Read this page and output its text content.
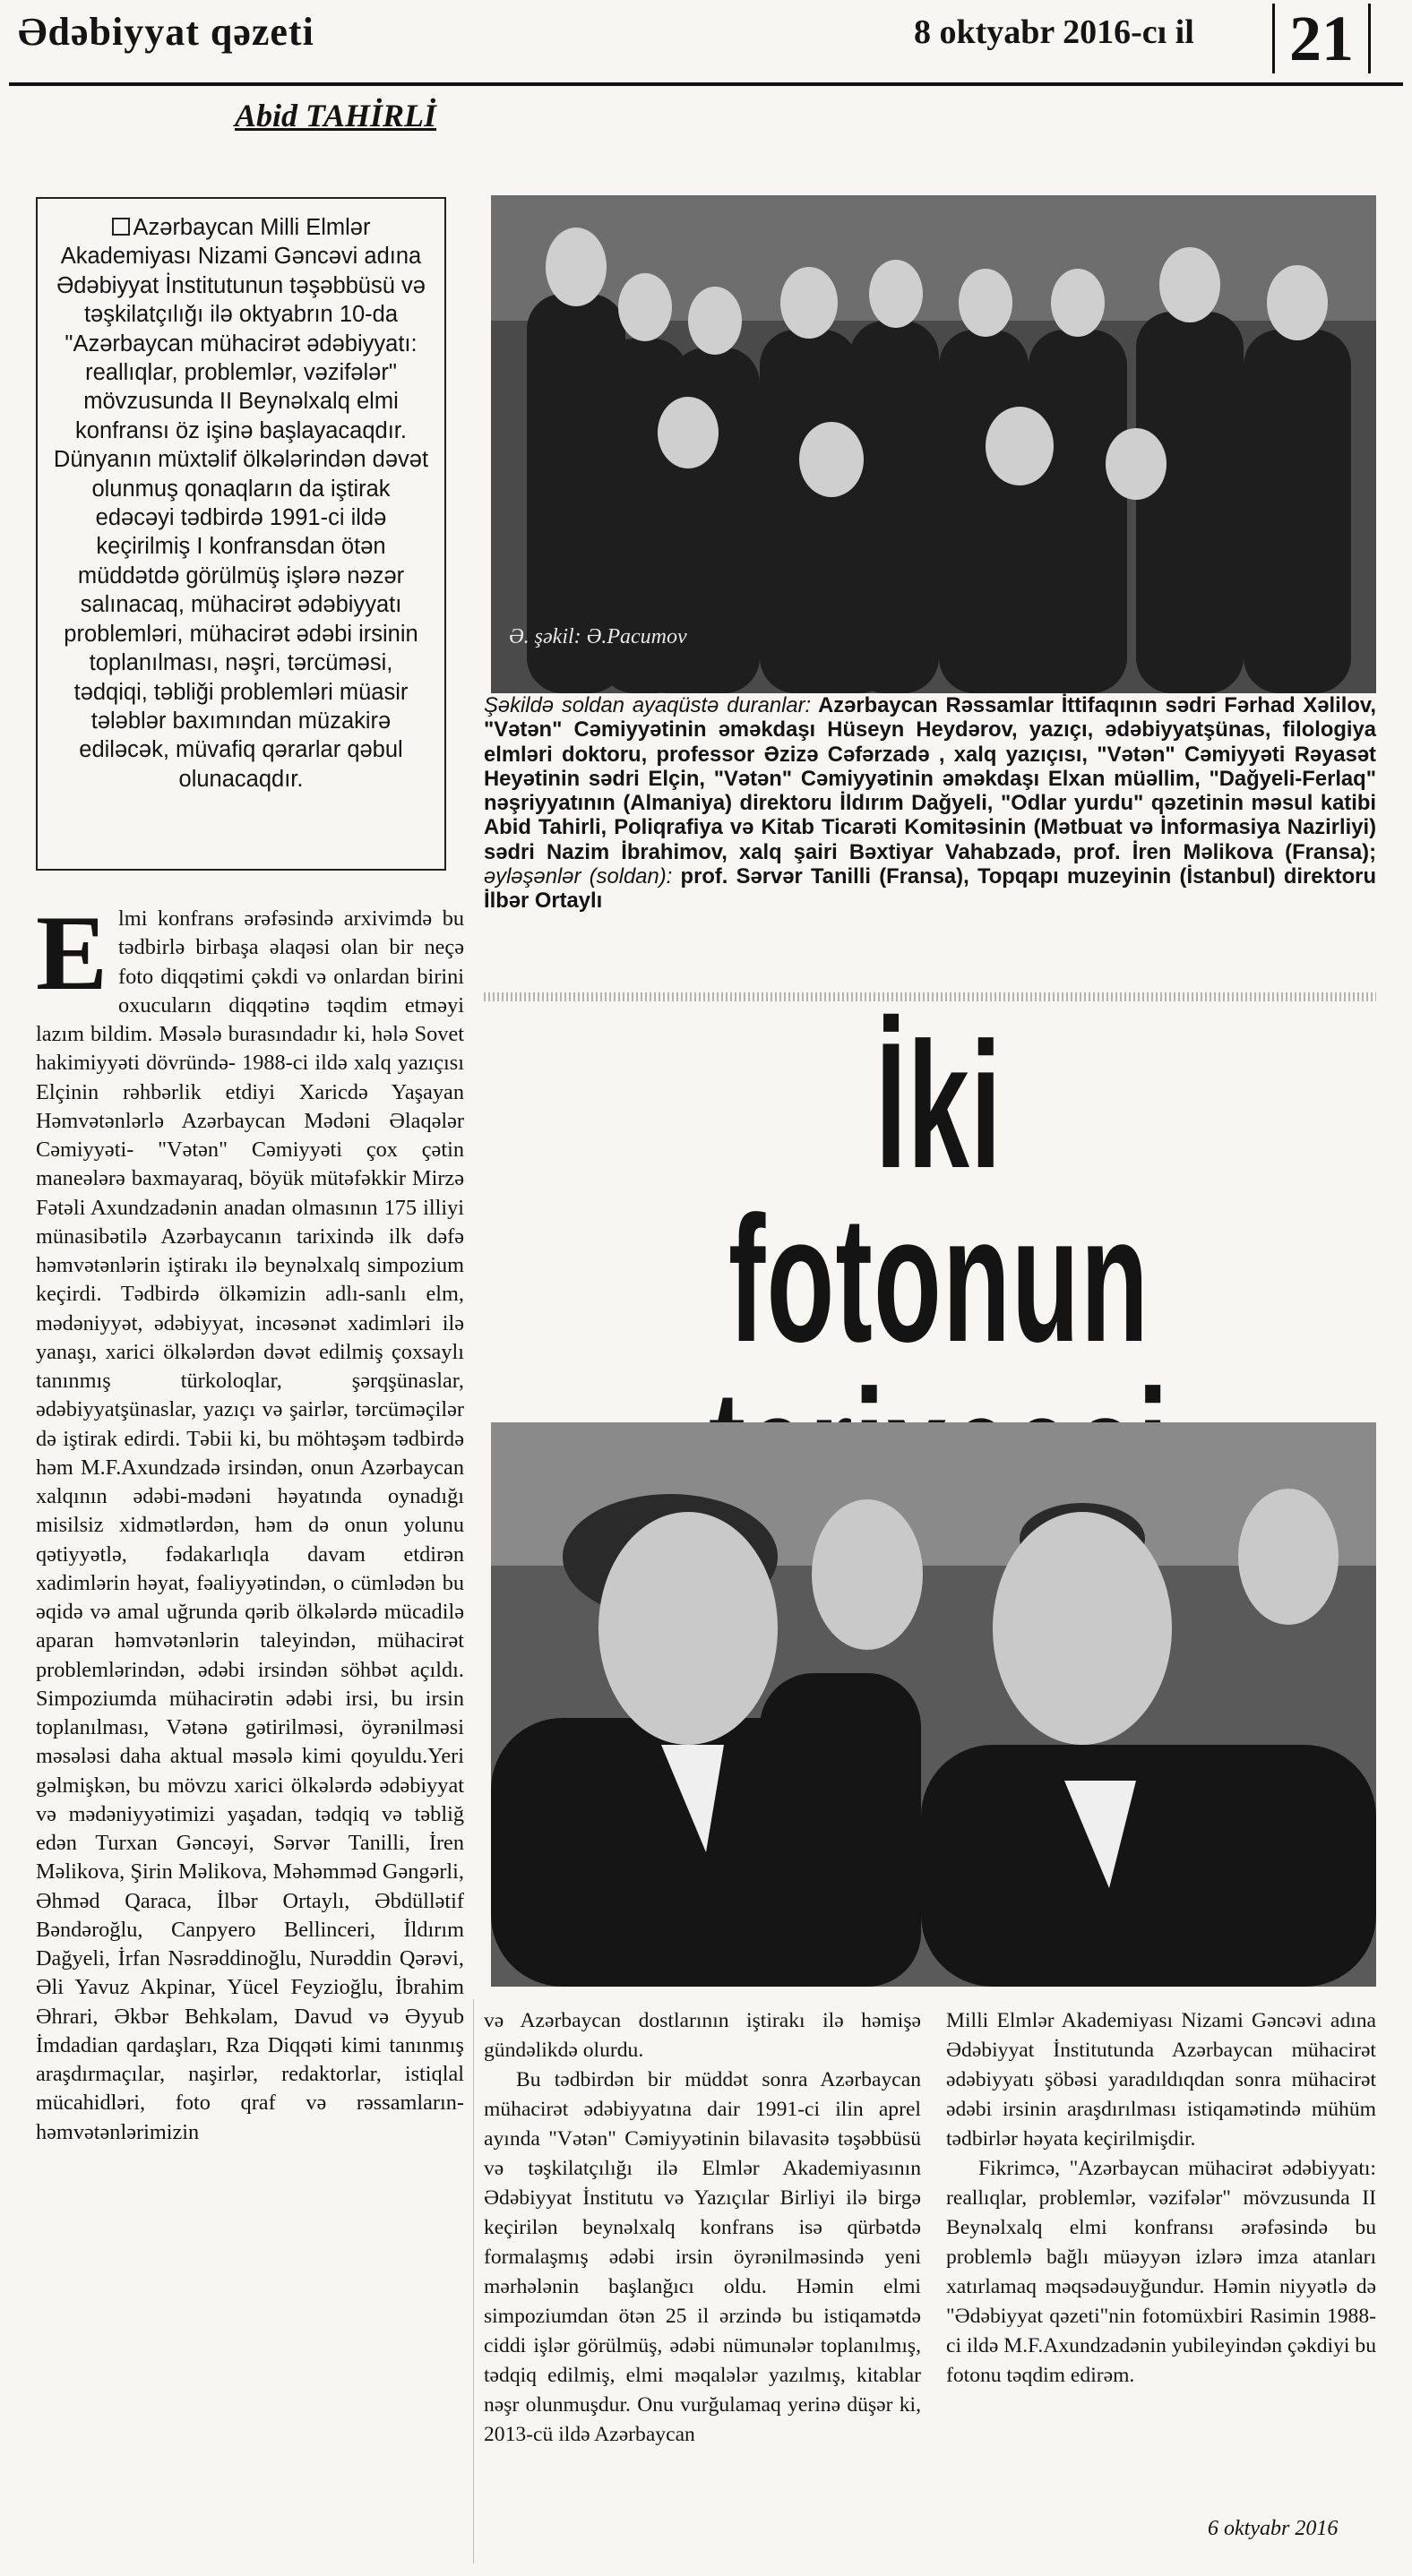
Ədəbiyyat qəzeti	8 oktyabr 2016-cı il 21
Abid TAHİRLİ
Azərbaycan Milli Elmlər Akademiyası Nizami Gəncəvi adına Ədəbiyyat İnstitutunun təşəbbüsü və təşkilatçılığı ilə oktyabrın 10-da "Azərbaycan mühacirət ədəbiyyatı: reallıqlar, problemlər, vəzifələr" mövzusunda II Beynəlxalq elmi konfransı öz işinə başlayacaqdır. Dünyanın müxtəlif ölkələrindən dəvət olunmuş qonaqların da iştirak edəcəyi tədbirdə 1991-ci ildə keçirilmiş I konfransdan ötən müddətdə görülmüş işlərə nəzər salınacaq, mühacirət ədəbiyyatı problemləri, mühacirət ədəbi irsinin toplanılması, nəşri, tərcüməsi, tədqiqi, təbliği problemləri müasir tələblər baxımından müzakirə ediləcək, müvafiq qərarlar qəbul olunacaqdır.
Ə. şəkil: Ə.Pacumov
Şəkildə soldan ayaqüstə duranlar: Azərbaycan Rəssamlar İttifaqının sədri Fərhad Xəlilov, "Vətən" Cəmiyyətinin əməkdaşı Hüseyn Heydərov, yazıçı, ədəbiyyatşünas, filologiya elmləri doktoru, professor Əzizə Cəfərzadə , xalq yazıçısı, "Vətən" Cəmiyyəti Rəyasət Heyətinin sədri Elçin, "Vətən" Cəmiyyətinin əməkdaşı Elxan müəllim, "Dağyeli-Ferlaq" nəşriyyatının (Almaniya) direktoru İldırım Dağyeli, "Odlar yurdu" qəzetinin məsul katibi Abid Tahirli, Poliqrafiya və Kitab Ticarəti Komitəsinin (Mətbuat və İnformasiya Nazirliyi) sədri Nazim İbrahimov, xalq şairi Bəxtiyar Vahabzadə, prof. İren Məlikova (Fransa); əyləşənlər (soldan): prof. Sərvər Tanilli (Fransa), Topqapı muzeyinin (İstanbul) direktoru İlbər Ortaylı
İki fotonun
Elmi konfrans ərəfəsində arxivimdə bu tədbirlə birbaşa əlaqəsi olan bir neçə foto diqqətimi çəkdi və onlardan birini oxucuların diqqətinə təqdim etməyi lazım bildim. Məsələ burasındadır ki, hələ Sovet hakimiyyəti dövründə- 1988-ci ildə xalq yazıçısı Elçinin rəhbərlik etdiyi Xaricdə Yaşayan Həmvətənlərlə Azərbaycan Mədəni Əlaqələr Cəmiyyəti- "Vətən" Cəmiyyəti çox çətin maneələrə baxmayaraq, böyük mütəfəkkir Mirzə Fətəli Axundzadənin anadan olmasının 175 illiyi münasibətilə Azərbaycanın tarixində ilk dəfə həmvətənlərin iştirakı ilə beynəlxalq simpozium keçirdi. Tədbirdə ölkəmizin adlı-sanlı elm, mədəniyyət, ədəbiyyat, incəsənət xadimləri ilə yanaşı, xarici ölkələrdən dəvət edilmiş çoxsaylı tanınmış türkoloqlar, şərqşünaslar, ədəbiyyatşünaslar, yazıçı və şairlər, tərcüməçilər də iştirak edirdi. Təbii ki, bu möhtəşəm tədbirdə həm M.F.Axundzadə irsindən, onun Azərbaycan xalqının ədəbi-mədəni həyatında oynadığı misilsiz xidmətlərdən, həm də onun yolunu qətiyyətlə, fədakarlıqla davam etdirən xadimlərin həyat, fəaliyyətindən, o cümlədən bu əqidə və amal uğrunda qərib ölkələrdə mücadilə aparan həmvətənlərin taleyindən, mühacirət problemlərindən, ədəbi irsindən söhbət açıldı. Simpoziumda mühacirətin ədəbi irsi, bu irsin toplanılması, Vətənə gətirilməsi, öyrənilməsi məsələsi daha aktual məsələ kimi qoyuldu.Yeri gəlmişkən, bu mövzu xarici ölkələrdə ədəbiyyat və mədəniyyətimizi yaşadan, tədqiq və təbliğ edən Turxan Gəncəyi, Sərvər Tanilli, İren Məlikova, Şirin Məlikova, Məhəmməd Gəngərli, Əhməd Qaraca, İlbər Ortaylı, Əbdüllətif Bəndəroğlu, Canpyero Bellinceri, İldırım Dağyeli, İrfan Nəsrəddinoğlu, Nurəddin Qərəvi, Əli Yavuz Akpinar, Yücel Feyzioğlu, İbrahim Əhrari, Əkbər Behkəlam, Davud və Əyyub İmdadian qardaşları, Rza Diqqəti kimi tanınmış araşdırmaçılar, naşirlər, redaktorlar, istiqlal mücahidləri, foto qraf və rəssamların- həmvətənlərimizin

və Azərbaycan dostlarının iştirakı ilə həmişə gündəlikdə olurdu.

Bu tədbirdən bir müddət sonra Azərbaycan mühacirət ədəbiyyatına dair 1991-ci ilin aprel ayında "Vətən" Cəmiyyətinin bilavasitə təşəbbüsü və təşkilatçılığı ilə Elmlər Akademiyasının Ədəbiyyat İnstitutu və Yazıçılar Birliyi ilə birgə keçirilən beynəlxalq konfrans isə qürbətdə formalaşmış ədəbi irsin öyrənilməsində yeni mərhələnin başlanğıcı oldu. Həmin elmi simpoziumdan ötən 25 il ərzində bu istiqamətdə ciddi işlər görülmüş, ədəbi nümunələr toplanılmış, tədqiq edilmiş, elmi məqalələr yazılmış, kitablar nəşr olunmuşdur. Onu vurğulamaq yerinə düşər ki, 2013-cü ildə Azərbaycan

Milli Elmlər Akademiyası Nizami Gəncəvi adına Ədəbiyyat İnstitutunda Azərbaycan mühacirət ədəbiyyatı şöbəsi yaradıldıqdan sonra mühacirət ədəbi irsinin araşdırılması istiqamətində mühüm tədbirlər həyata keçirilmişdir.

Fikrimcə, "Azərbaycan mühacirət ədəbiyyatı: reallıqlar, problemlər, vəzifələr" mövzusunda II Beynəlxalq elmi konfransı ərəfəsində bu problemlə bağlı müəyyən izlərə imza atanları xatırlamaq məqsədəuyğundur. Həmin niyyətlə də "Ədəbiyyat qəzeti"nin fotomüxbiri Rasimin 1988-ci ildə M.F.Axundzadənin yubileyindən çəkdiyi bu fotonu təqdim edirəm.

6 oktyabr 2016
